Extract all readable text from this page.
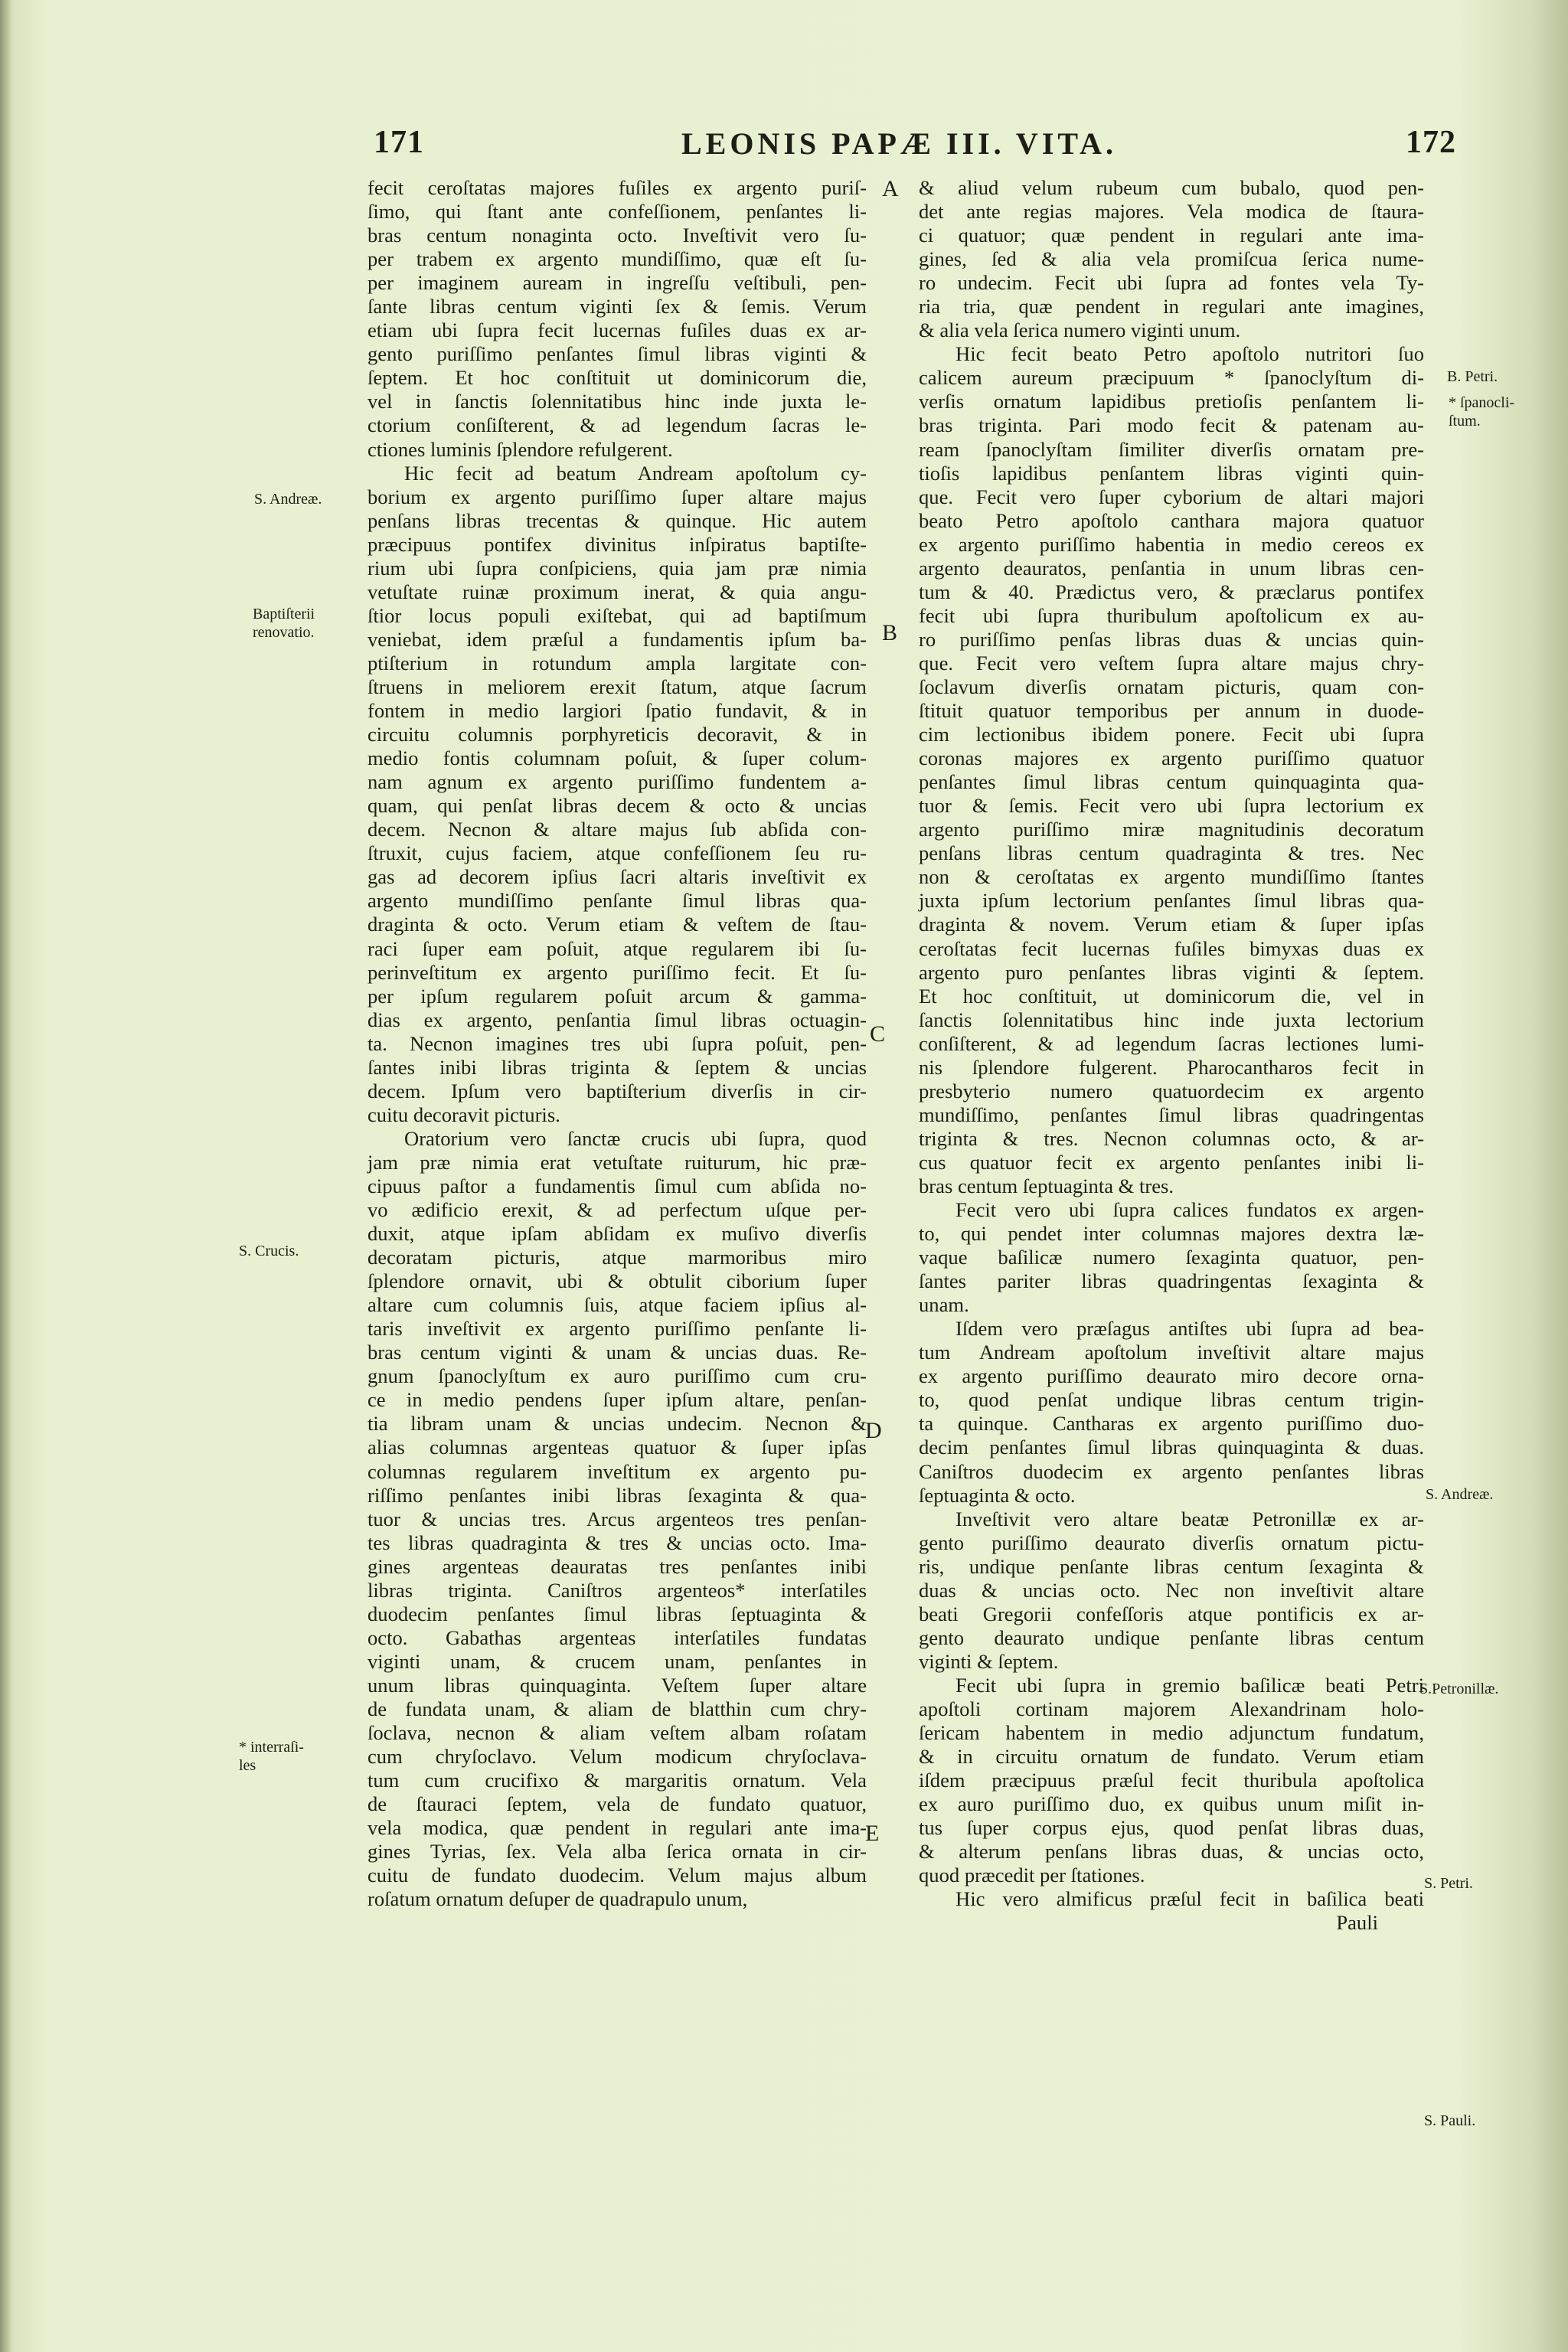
171	LEONIS PAPÆ III. VITA.	172
A
B
C
D
E
S. Andreæ.
Baptiſterii renovatio.
S. Crucis.
* interraſi- les
B. Petri.
* ſpanocli- ſtum.
S. Andreæ.
S.Petronillæ.
S. Petri.
S. Pauli.
fecit ceroſtatas majores fuſiles ex argento puriſ-
ſimo, qui ſtant ante confeſſionem, penſantes li-
bras centum nonaginta octo. Inveſtivit vero ſu-
per trabem ex argento mundiſſimo, quæ eſt ſu-
per imaginem auream in ingreſſu veſtibuli, pen-
ſante libras centum viginti ſex & ſemis. Verum
etiam ubi ſupra fecit lucernas fuſiles duas ex ar-
gento puriſſimo penſantes ſimul libras viginti &
ſeptem. Et hoc conſtituit ut dominicorum die,
vel in ſanctis ſolennitatibus hinc inde juxta le-
ctorium conſiſterent, & ad legendum ſacras le-
ctiones luminis ſplendore refulgerent.
Hic fecit ad beatum Andream apoſtolum cy-
borium ex argento puriſſimo ſuper altare majus
penſans libras trecentas & quinque. Hic autem
præcipuus pontifex divinitus inſpiratus baptiſte-
rium ubi ſupra conſpiciens, quia jam præ nimia
vetuſtate ruinæ proximum inerat, & quia angu-
ſtior locus populi exiſtebat, qui ad baptiſmum
veniebat, idem præſul a fundamentis ipſum ba-
ptiſterium in rotundum ampla largitate con-
ſtruens in meliorem erexit ſtatum, atque ſacrum
fontem in medio largiori ſpatio fundavit, & in
circuitu columnis porphyreticis decoravit, & in
medio fontis columnam poſuit, & ſuper colum-
nam agnum ex argento puriſſimo fundentem a-
quam, qui penſat libras decem & octo & uncias
decem. Necnon & altare majus ſub abſida con-
ſtruxit, cujus faciem, atque confeſſionem ſeu ru-
gas ad decorem ipſius ſacri altaris inveſtivit ex
argento mundiſſimo penſante ſimul libras qua-
draginta & octo. Verum etiam & veſtem de ſtau-
raci ſuper eam poſuit, atque regularem ibi ſu-
perinveſtitum ex argento puriſſimo fecit. Et ſu-
per ipſum regularem poſuit arcum & gamma-
dias ex argento, penſantia ſimul libras octuagin-
ta. Necnon imagines tres ubi ſupra poſuit, pen-
ſantes inibi libras triginta & ſeptem & uncias
decem. Ipſum vero baptiſterium diverſis in cir-
cuitu decoravit picturis.
Oratorium vero ſanctæ crucis ubi ſupra, quod
jam præ nimia erat vetuſtate ruiturum, hic præ-
cipuus paſtor a fundamentis ſimul cum abſida no-
vo ædificio erexit, & ad perfectum uſque per-
duxit, atque ipſam abſidam ex muſivo diverſis
decoratam picturis, atque marmoribus miro
ſplendore ornavit, ubi & obtulit ciborium ſuper
altare cum columnis ſuis, atque faciem ipſius al-
taris inveſtivit ex argento puriſſimo penſante li-
bras centum viginti & unam & uncias duas. Re-
gnum ſpanoclyſtum ex auro puriſſimo cum cru-
ce in medio pendens ſuper ipſum altare, penſan-
tia libram unam & uncias undecim. Necnon &
alias columnas argenteas quatuor & ſuper ipſas
columnas regularem inveſtitum ex argento pu-
riſſimo penſantes inibi libras ſexaginta & qua-
tuor & uncias tres. Arcus argenteos tres penſan-
tes libras quadraginta & tres & uncias octo. Ima-
gines argenteas deauratas tres penſantes inibi
libras triginta. Caniſtros argenteos* interſatiles
duodecim penſantes ſimul libras ſeptuaginta &
octo. Gabathas argenteas interſatiles fundatas
viginti unam, & crucem unam, penſantes in
unum libras quinquaginta. Veſtem ſuper altare
de fundata unam, & aliam de blatthin cum chry-
ſoclava, necnon & aliam veſtem albam roſatam
cum chryſoclavo. Velum modicum chryſoclava-
tum cum crucifixo & margaritis ornatum. Vela
de ſtauraci ſeptem, vela de fundato quatuor,
vela modica, quæ pendent in regulari ante ima-
gines Tyrias, ſex. Vela alba ſerica ornata in cir-
cuitu de fundato duodecim. Velum majus album
roſatum ornatum deſuper de quadrapulo unum,
& aliud velum rubeum cum bubalo, quod pen-
det ante regias majores. Vela modica de ſtaura-
ci quatuor; quæ pendent in regulari ante ima-
gines, ſed & alia vela promiſcua ſerica nume-
ro undecim. Fecit ubi ſupra ad fontes vela Ty-
ria tria, quæ pendent in regulari ante imagines,
& alia vela ſerica numero viginti unum.
Hic fecit beato Petro apoſtolo nutritori ſuo
calicem aureum præcipuum * ſpanoclyſtum di-
verſis ornatum lapidibus pretioſis penſantem li-
bras triginta. Pari modo fecit & patenam au-
ream ſpanoclyſtam ſimiliter diverſis ornatam pre-
tioſis lapidibus penſantem libras viginti quin-
que. Fecit vero ſuper cyborium de altari majori
beato Petro apoſtolo canthara majora quatuor
ex argento puriſſimo habentia in medio cereos ex
argento deauratos, penſantia in unum libras cen-
tum & 40. Prædictus vero, & præclarus pontifex
fecit ubi ſupra thuribulum apoſtolicum ex au-
ro puriſſimo penſas libras duas & uncias quin-
que. Fecit vero veſtem ſupra altare majus chry-
ſoclavum diverſis ornatam picturis, quam con-
ſtituit quatuor temporibus per annum in duode-
cim lectionibus ibidem ponere. Fecit ubi ſupra
coronas majores ex argento puriſſimo quatuor
penſantes ſimul libras centum quinquaginta qua-
tuor & ſemis. Fecit vero ubi ſupra lectorium ex
argento puriſſimo miræ magnitudinis decoratum
penſans libras centum quadraginta & tres. Nec
non & ceroſtatas ex argento mundiſſimo ſtantes
juxta ipſum lectorium penſantes ſimul libras qua-
draginta & novem. Verum etiam & ſuper ipſas
ceroſtatas fecit lucernas fuſiles bimyxas duas ex
argento puro penſantes libras viginti & ſeptem.
Et hoc conſtituit, ut dominicorum die, vel in
ſanctis ſolennitatibus hinc inde juxta lectorium
conſiſterent, & ad legendum ſacras lectiones lumi-
nis ſplendore fulgerent. Pharocantharos fecit in
presbyterio numero quatuordecim ex argento
mundiſſimo, penſantes ſimul libras quadringentas
triginta & tres. Necnon columnas octo, & ar-
cus quatuor fecit ex argento penſantes inibi li-
bras centum ſeptuaginta & tres.
Fecit vero ubi ſupra calices fundatos ex argen-
to, qui pendet inter columnas majores dextra læ-
vaque baſilicæ numero ſexaginta quatuor, pen-
ſantes pariter libras quadringentas ſexaginta &
unam.
Iſdem vero præſagus antiſtes ubi ſupra ad bea-
tum Andream apoſtolum inveſtivit altare majus
ex argento puriſſimo deaurato miro decore orna-
to, quod penſat undique libras centum trigin-
ta quinque. Cantharas ex argento puriſſimo duo-
decim penſantes ſimul libras quinquaginta & duas.
Caniſtros duodecim ex argento penſantes libras
ſeptuaginta & octo.
Inveſtivit vero altare beatæ Petronillæ ex ar-
gento puriſſimo deaurato diverſis ornatum pictu-
ris, undique penſante libras centum ſexaginta &
duas & uncias octo. Nec non inveſtivit altare
beati Gregorii confeſſoris atque pontificis ex ar-
gento deaurato undique penſante libras centum
viginti & ſeptem.
Fecit ubi ſupra in gremio baſilicæ beati Petri
apoſtoli cortinam majorem Alexandrinam holo-
ſericam habentem in medio adjunctum fundatum,
& in circuitu ornatum de fundato. Verum etiam
iſdem præcipuus præſul fecit thuribula apoſtolica
ex auro puriſſimo duo, ex quibus unum miſit in-
tus ſuper corpus ejus, quod penſat libras duas,
& alterum penſans libras duas, & uncias octo,
quod præcedit per ſtationes.
Hic vero almificus præſul fecit in baſilica beati
Pauli
